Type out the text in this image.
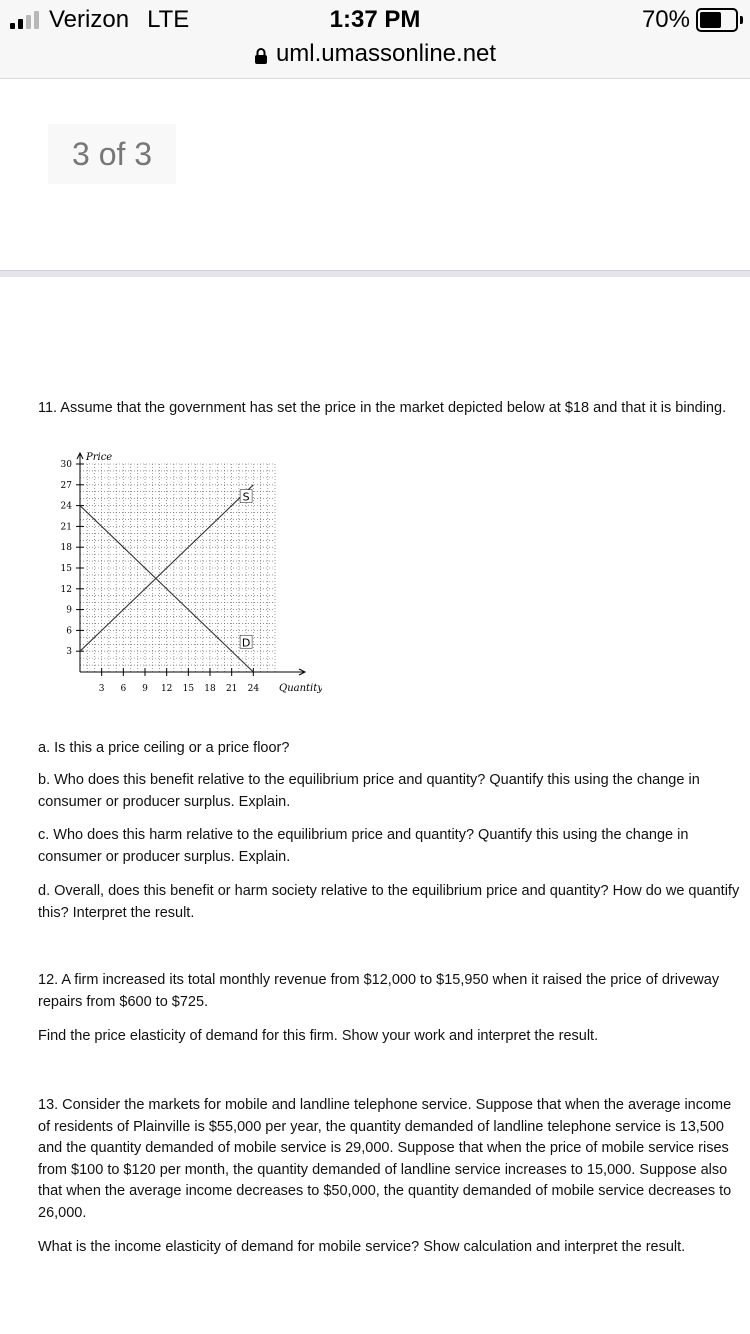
Verizon LTE	1:37 PM	70%
uml.umassonline.net
3 of 3

11. Assume that the government has set the price in the market depicted below at $18 and that it is binding.

Price
Quantity
3
6
9
12
15
18
21
24
27
30
3 6 9 12 15 18 21 24
S
D

a. Is this a price ceiling or a price floor?

b. Who does this benefit relative to the equilibrium price and quantity? Quantify this using the change in consumer or producer surplus. Explain.

c. Who does this harm relative to the equilibrium price and quantity? Quantify this using the change in consumer or producer surplus. Explain.

d. Overall, does this benefit or harm society relative to the equilibrium price and quantity? How do we quantify this? Interpret the result.

12. A firm increased its total monthly revenue from $12,000 to $15,950 when it raised the price of driveway repairs from $600 to $725.

Find the price elasticity of demand for this firm. Show your work and interpret the result.

13. Consider the markets for mobile and landline telephone service. Suppose that when the average income of residents of Plainville is $55,000 per year, the quantity demanded of landline telephone service is 13,500 and the quantity demanded of mobile service is 29,000. Suppose that when the price of mobile service rises from $100 to $120 per month, the quantity demanded of landline service increases to 15,000. Suppose also that when the average income decreases to $50,000, the quantity demanded of mobile service decreases to 26,000.

What is the income elasticity of demand for mobile service? Show calculation and interpret the result.
